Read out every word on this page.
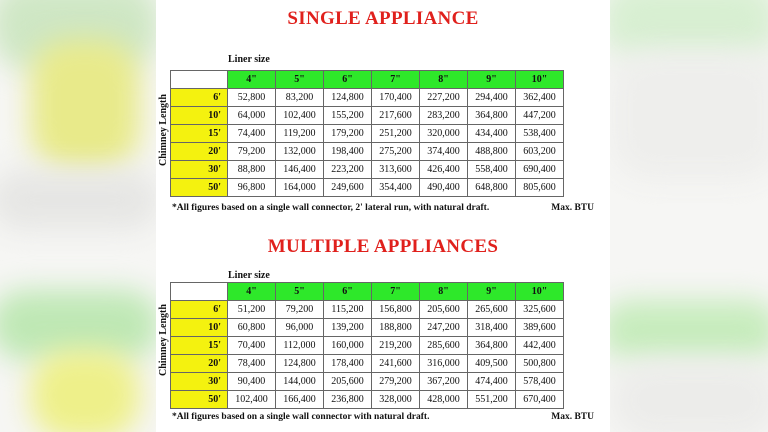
SINGLE APPLIANCE
Liner size
Chimney Length
	4"	5"	6"	7"	8"	9"	10"
6'	52,800	83,200	124,800	170,400	227,200	294,400	362,400
10'	64,000	102,400	155,200	217,600	283,200	364,800	447,200
15'	74,400	119,200	179,200	251,200	320,000	434,400	538,400
20'	79,200	132,000	198,400	275,200	374,400	488,800	603,200
30'	88,800	146,400	223,200	313,600	426,400	558,400	690,400
50'	96,800	164,000	249,600	354,400	490,400	648,800	805,600
*All figures based on a single wall connector, 2' lateral run, with natural draft.	Max. BTU
MULTIPLE APPLIANCES
Liner size
Chimney Length
	4"	5"	6"	7"	8"	9"	10"
6'	51,200	79,200	115,200	156,800	205,600	265,600	325,600
10'	60,800	96,000	139,200	188,800	247,200	318,400	389,600
15'	70,400	112,000	160,000	219,200	285,600	364,800	442,400
20'	78,400	124,800	178,400	241,600	316,000	409,500	500,800
30'	90,400	144,000	205,600	279,200	367,200	474,400	578,400
50'	102,400	166,400	236,800	328,000	428,000	551,200	670,400
*All figures based on a single wall connector with natural draft.	Max. BTU
